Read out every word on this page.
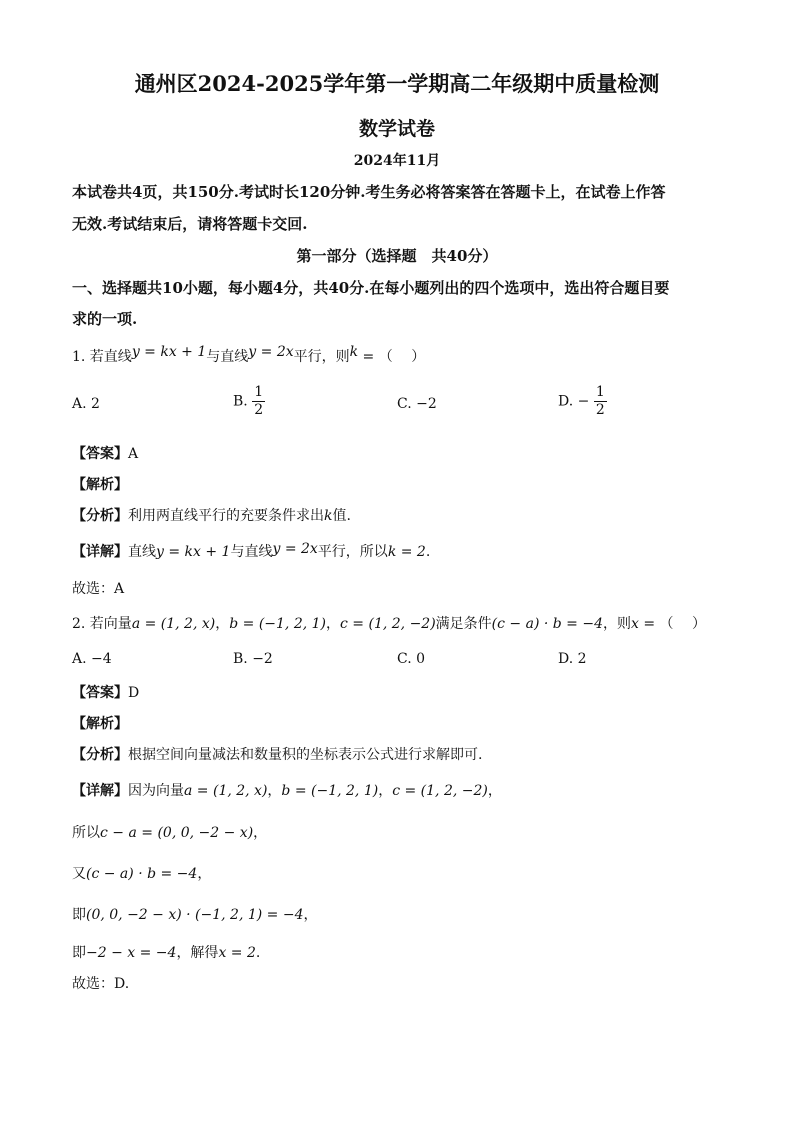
通州区2024-2025学年第一学期高二年级期中质量检测
数学试卷
2024年11月
本试卷共4页，共150分.考试时长120分钟.考生务必将答案答在答题卡上，在试卷上作答
无效.考试结束后，请将答题卡交回.
第一部分（选择题　共40分）
一、选择题共10小题，每小题4分，共40分.在每小题列出的四个选项中，选出符合题目要
求的一项.
1. 若直线y = kx + 1与直线y = 2x平行，则k = （　 ）
A. 2	B. $\frac{1}{2}$	C. −2	D. − $\frac{1}{2}$
【答案】A
【解析】
【分析】利用两直线平行的充要条件求出k值.
【详解】直线y = kx + 1与直线y = 2x平行，所以k = 2.
故选：A
2. 若向量a = (1, 2, x)，b = (−1, 2, 1)，c = (1, 2, −2)满足条件(c − a) · b = −4，则x = （　 ）
A. −4	B. −2	C. 0	D. 2
【答案】D
【解析】
【分析】根据空间向量减法和数量积的坐标表示公式进行求解即可.
【详解】因为向量a = (1, 2, x)，b = (−1, 2, 1)，c = (1, 2, −2)，
所以c − a = (0, 0, −2 − x)，
又(c − a) · b = −4，
即(0, 0, −2 − x) · (−1, 2, 1) = −4，
即−2 − x = −4，解得x = 2.
故选：D.
